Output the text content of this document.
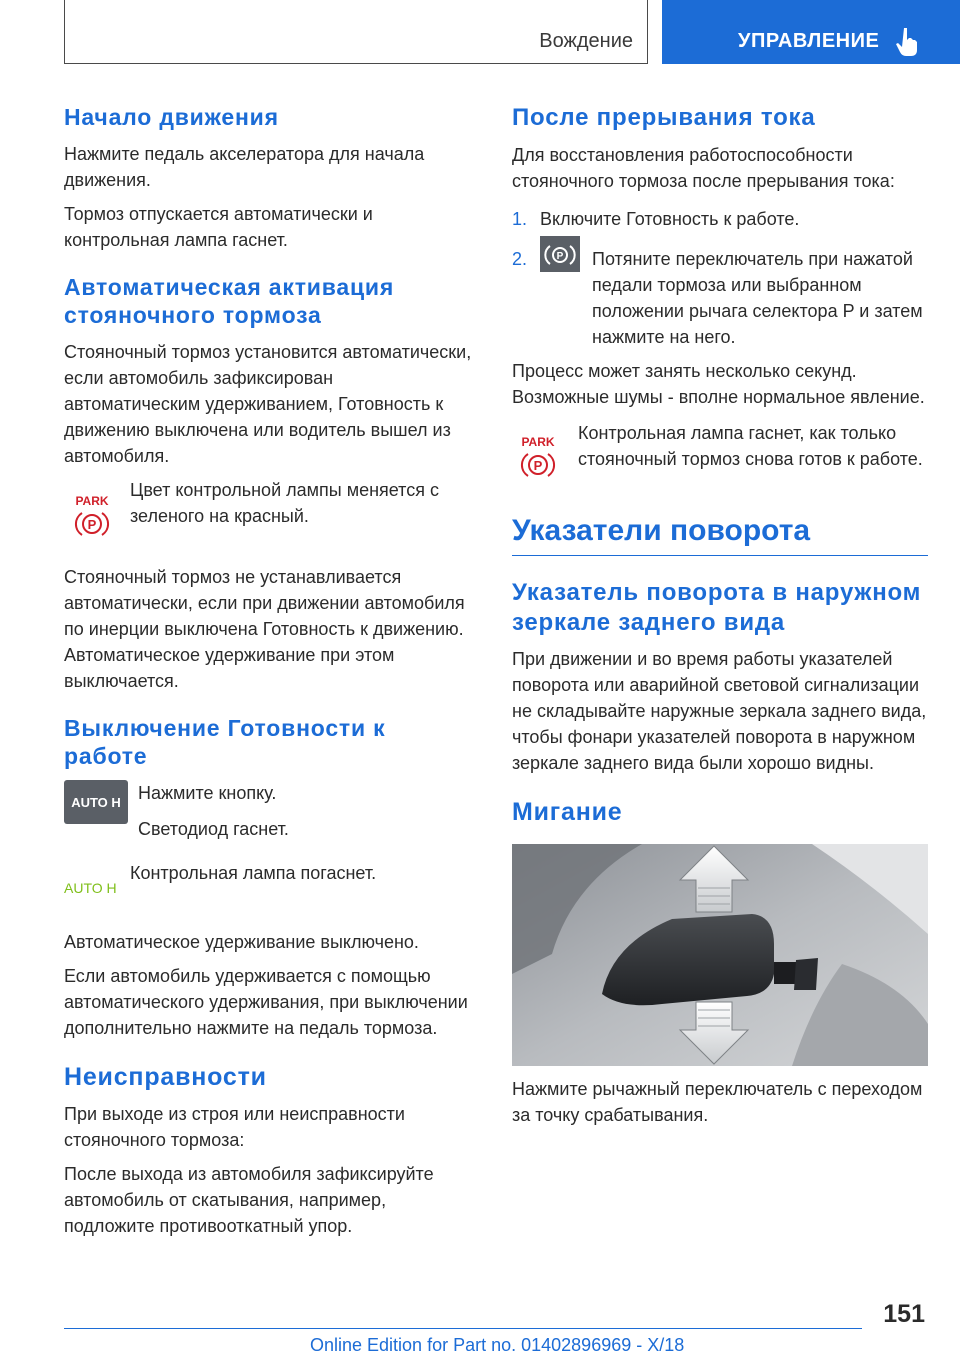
Вождение	УПРАВЛЕНИЕ
Начало движения

Нажмите педаль акселератора для начала движения.

Тормоз отпускается автоматически и контрольная лампа гаснет.

Автоматическая активация стояночного тормоза

Стояночный тормоз установится автоматически, если автомобиль зафиксирован автоматическим удерживанием, Готовность к движению выключена или водитель вышел из автомобиля.

PARK
P

Цвет контрольной лампы меняется с зеленого на красный.

Стояночный тормоз не устанавливается автоматически, если при движении автомобиля по инерции выключена Готовность к движению. Автоматическое удерживание при этом выключается.

Выключение Готовности к работе
AUTO H Нажмите кнопку.

Светодиод гаснет.

AUTO H

Контрольная лампа погаснет.

Автоматическое удерживание выключено.

Если автомобиль удерживается с помощью автоматического удерживания, при выключении дополнительно нажмите на педаль тормоза.

Неисправности

При выходе из строя или неисправности стояночного тормоза:

После выхода из автомобиля зафиксируйте автомобиль от скатывания, например, подложите противооткатный упор.

После прерывания тока

Для восстановления работоспособности стояночного тормоза после прерывания тока:

1. Включите Готовность к работе.

2.	P Потяните переключатель при нажатой педали тормоза или выбранном положении рычага селектора P и затем нажмите на него.

Процесс может занять несколько секунд. Возможные шумы - вполне нормальное явление.

PARK
P

Контрольная лампа гаснет, как только стояночный тормоз снова готов к работе.

Указатели поворота
Указатель поворота в наружном зеркале заднего вида

При движении и во время работы указателей поворота или аварийной световой сигнализации не складывайте наружные зеркала заднего вида, чтобы фонари указателей поворота в наружном зеркале заднего вида были хорошо видны.

Мигание

Нажмите рычажный переключатель с переходом за точку срабатывания.

151
Online Edition for Part no. 01402896969 - X/18
